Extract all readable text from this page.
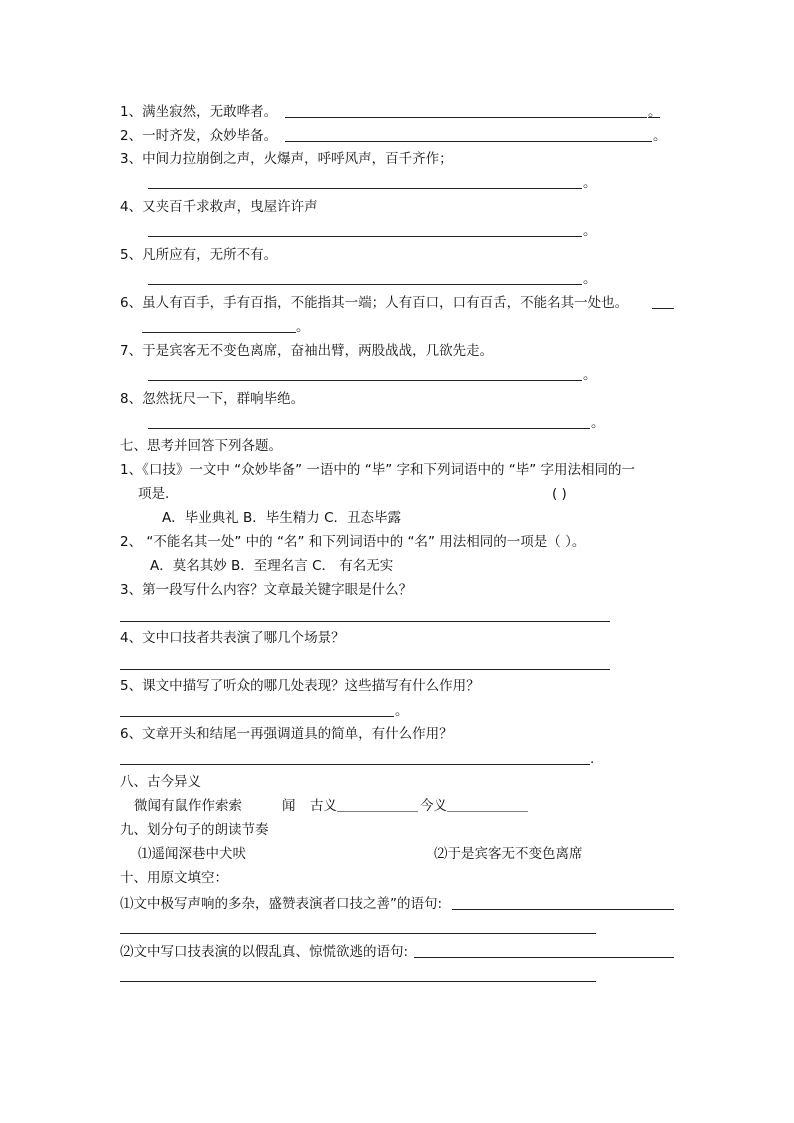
1、满坐寂然，无敢哗者。	。
2、一时齐发，众妙毕备。	。
3、中间力拉崩倒之声，火爆声，呼呼风声，百千齐作；
。
4、又夹百千求救声，曳屋许许声
。
5、凡所应有，无所不有。
。
6、虽人有百手，手有百指，不能指其一端；人有百口，口有百舌，不能名其一处也。
。
7、于是宾客无不变色离席，奋袖出臂，两股战战，几欲先走。
。
8、忽然抚尺一下，群响毕绝。
。
七、思考并回答下列各题。
1、《口技》一文中 “众妙毕备” 一语中的 “毕” 字和下列词语中的 “毕” 字用法相同的一
项是.	( )
A．毕业典礼 B．毕生精力 C．丑态毕露
2、 “不能名其一处” 中的 “名” 和下列词语中的 “名” 用法相同的一项是（ ）。
A．莫名其妙 B．至理名言 C． 有名无实
3、第一段写什么内容？文章最关键字眼是什么？
4、文中口技者共表演了哪几个场景？
5、课文中描写了听众的哪几处表现？这些描写有什么作用？
。
6、文章开头和结尾一再强调道具的简单，有什么作用？
.
八、古今异义
微闻有鼠作作索索	闻 古义＿＿＿＿＿＿ 今义＿＿＿＿＿＿
九、划分句子的朗读节奏
⑴遥闻深巷中犬吠	⑵于是宾客无不变色离席
十、用原文填空：
⑴文中极写声响的多杂，盛赞表演者口技之善”的语句:
⑵文中写口技表演的以假乱真、惊慌欲逃的语句:
